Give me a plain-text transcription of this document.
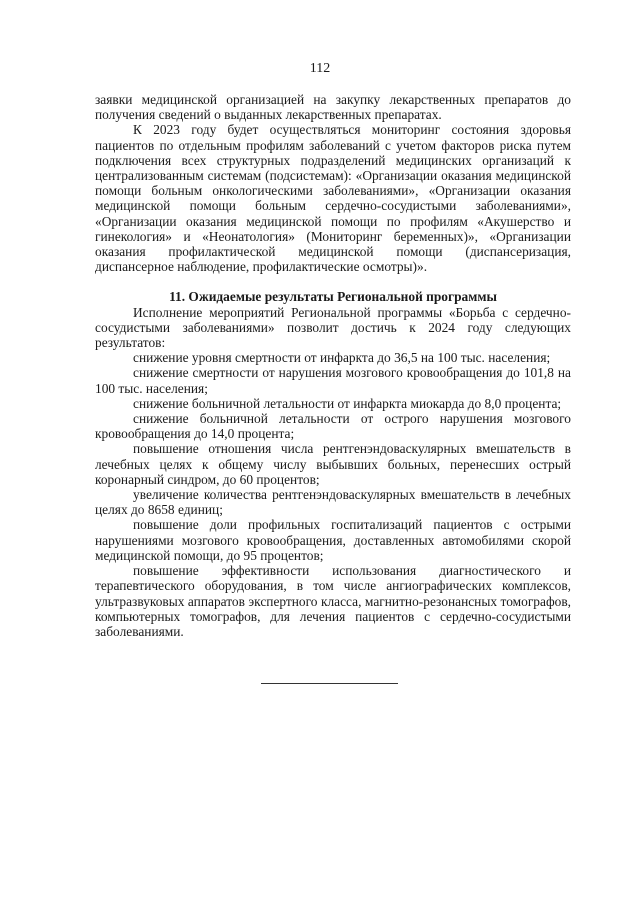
112

заявки медицинской организацией на закупку лекарственных препаратов до получения сведений о выданных лекарственных препаратах.

К 2023 году будет осуществляться мониторинг состояния здоровья пациентов по отдельным профилям заболеваний с учетом факторов риска путем подключения всех структурных подразделений медицинских организаций к централизованным системам (подсистемам): «Организации оказания медицинской помощи больным онкологическими заболеваниями», «Организации оказания медицинской помощи больным сердечно-сосудистыми заболеваниями», «Организации оказания медицинской помощи по профилям «Акушерство и гинекология» и «Неонатология» (Мониторинг беременных)», «Организации оказания профилактической медицинской помощи (диспансеризация, диспансерное наблюдение, профилактические осмотры)».

11. Ожидаемые результаты Региональной программы

Исполнение мероприятий Региональной программы «Борьба с сердечно-сосудистыми заболеваниями» позволит достичь к 2024 году следующих результатов:

снижение уровня смертности от инфаркта до 36,5 на 100 тыс. населения;

снижение смертности от нарушения мозгового кровообращения до 101,8 на 100 тыс. населения;

снижение больничной летальности от инфаркта миокарда до 8,0 процента;

снижение больничной летальности от острого нарушения мозгового кровообращения до 14,0 процента;

повышение отношения числа рентгенэндоваскулярных вмешательств в лечебных целях к общему числу выбывших больных, перенесших острый коронарный синдром, до 60 процентов;

увеличение количества рентгенэндоваскулярных вмешательств в лечебных целях до 8658 единиц;

повышение доли профильных госпитализаций пациентов с острыми нарушениями мозгового кровообращения, доставленных автомобилями скорой медицинской помощи, до 95 процентов;

повышение эффективности использования диагностического и терапевтического оборудования, в том числе ангиографических комплексов, ультразвуковых аппаратов экспертного класса, магнитно-резонансных томографов, компьютерных томографов, для лечения пациентов с сердечно-сосудистыми заболеваниями.
